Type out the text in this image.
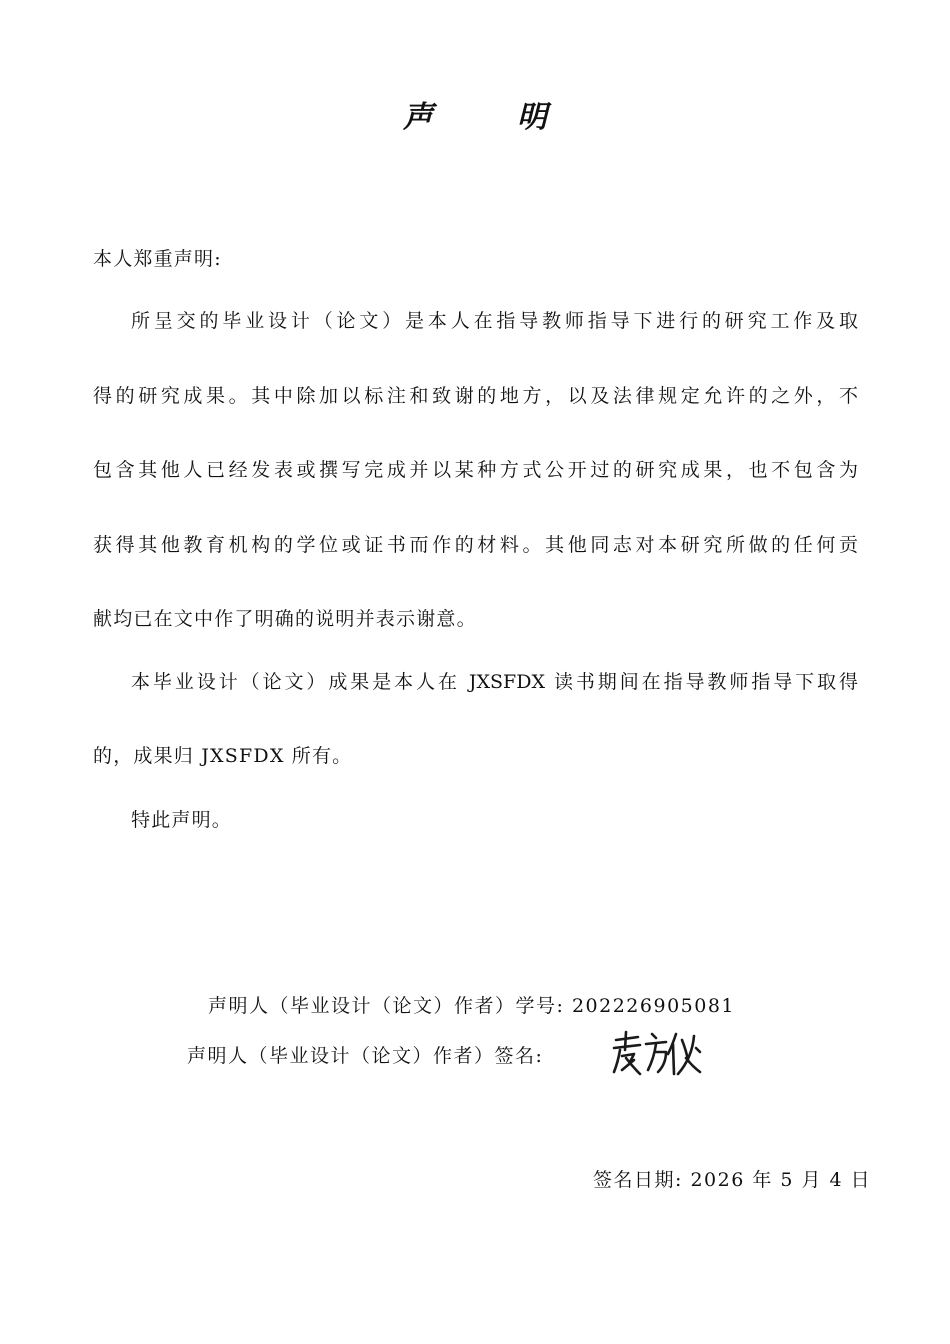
声	明
本人郑重声明:
所呈交的毕业设计（论文）是本人在指导教师指导下进行的研究工作及取
得的研究成果。其中除加以标注和致谢的地方，以及法律规定允许的之外，不
包含其他人已经发表或撰写完成并以某种方式公开过的研究成果，也不包含为
获得其他教育机构的学位或证书而作的材料。其他同志对本研究所做的任何贡
献均已在文中作了明确的说明并表示谢意。
本毕业设计（论文）成果是本人在 JXSFDX 读书期间在指导教师指导下取得
的，成果归 JXSFDX 所有。
特此声明。
声明人（毕业设计（论文）作者）学号: 202226905081
声明人（毕业设计（论文）作者）签名:
签名日期: 2026 年 5 月 4 日
